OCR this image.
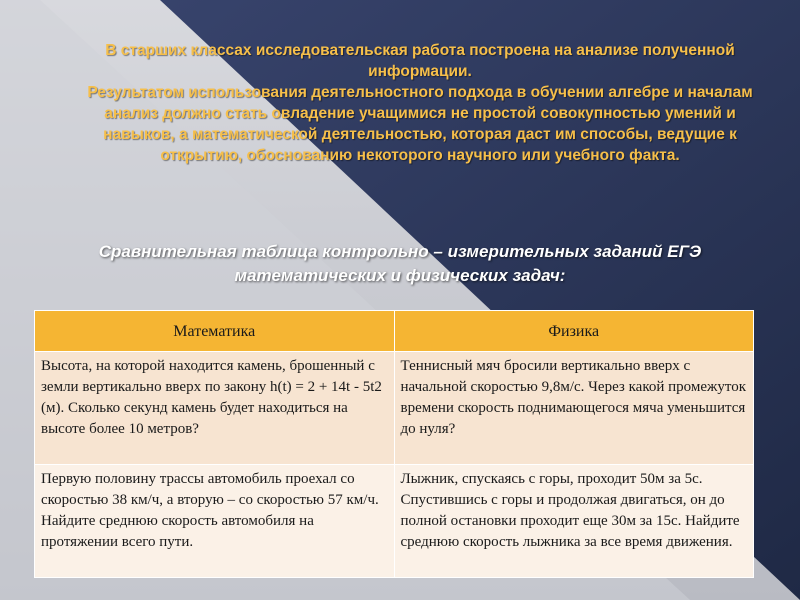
В старших классах исследовательская работа построена на анализе полученной информации.

Результатом использования деятельностного подхода в обучении алгебре и началам анализ должно стать овладение учащимися не простой совокупностью умений и навыков, а математической деятельностью, которая даст им способы, ведущие к открытию, обоснованию некоторого научного или учебного факта.

Сравнительная таблица контрольно – измерительных заданий ЕГЭ математических и физических задач:
Математика	Физика
Высота, на которой находится камень, брошенный с земли вертикально вверх по закону h(t) = 2 + 14t - 5t2 (м). Сколько секунд камень будет находиться на высоте более 10 метров?	Теннисный мяч бросили вертикально вверх с начальной скоростью 9,8м/с. Через какой промежуток времени скорость поднимающегося мяча уменьшится до нуля?
Первую половину трассы автомобиль проехал со скоростью 38 км/ч, а вторую – со скоростью 57 км/ч. Найдите среднюю скорость автомобиля на протяжении всего пути.	Лыжник, спускаясь с горы, проходит 50м за 5с. Спустившись с горы и продолжая двигаться, он до полной остановки проходит еще 30м за 15с. Найдите среднюю скорость лыжника за все время движения.
